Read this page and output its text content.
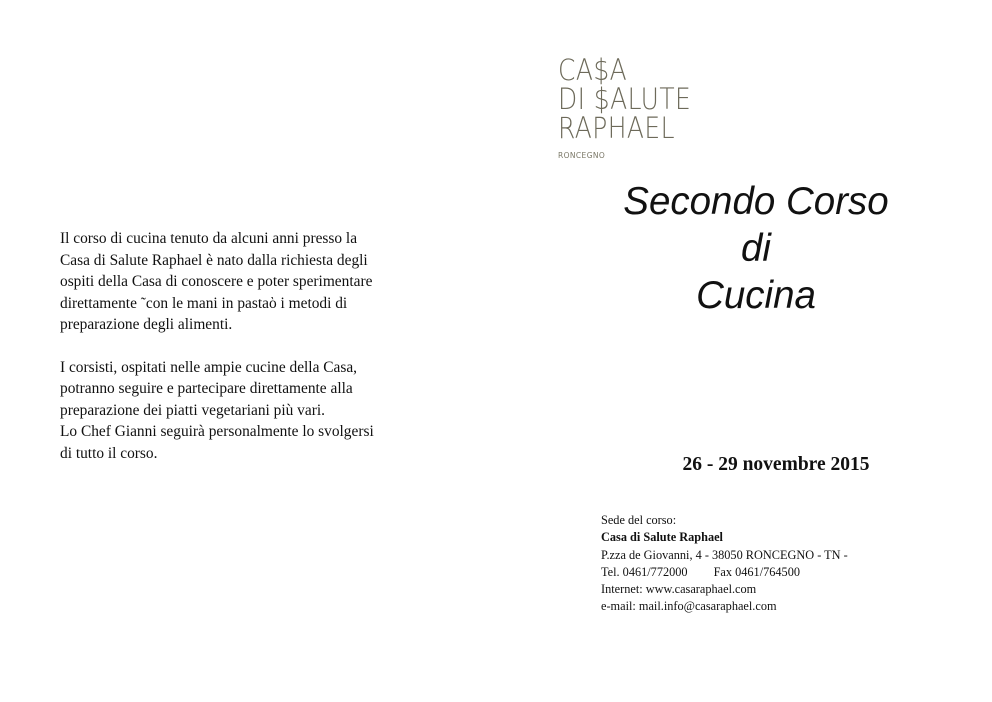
Il corso di cucina tenuto da alcuni anni presso la
Casa di Salute Raphael è nato dalla richiesta degli
ospiti della Casa di conoscere e poter sperimentare
direttamente ῀con le mani in pastaὸ i metodi di
preparazione degli alimenti.

I corsisti, ospitati nelle ampie cucine della Casa,
potranno seguire e partecipare direttamente alla
preparazione dei piatti vegetariani più vari.
Lo Chef Gianni seguirà personalmente lo svolgersi
di tutto il corso.

CA$A
DI $ALUTE
RAPHAEL
RONCEGNO
Secondo Corso
di
Cucina
26 - 29 novembre 2015
Sede del corso:
Casa di Salute Raphael
P.zza de Giovanni, 4 - 38050 RONCEGNO - TN -
Tel. 0461/772000 Fax 0461/764500
Internet: www.casaraphael.com
e-mail: mail.info@casaraphael.com
